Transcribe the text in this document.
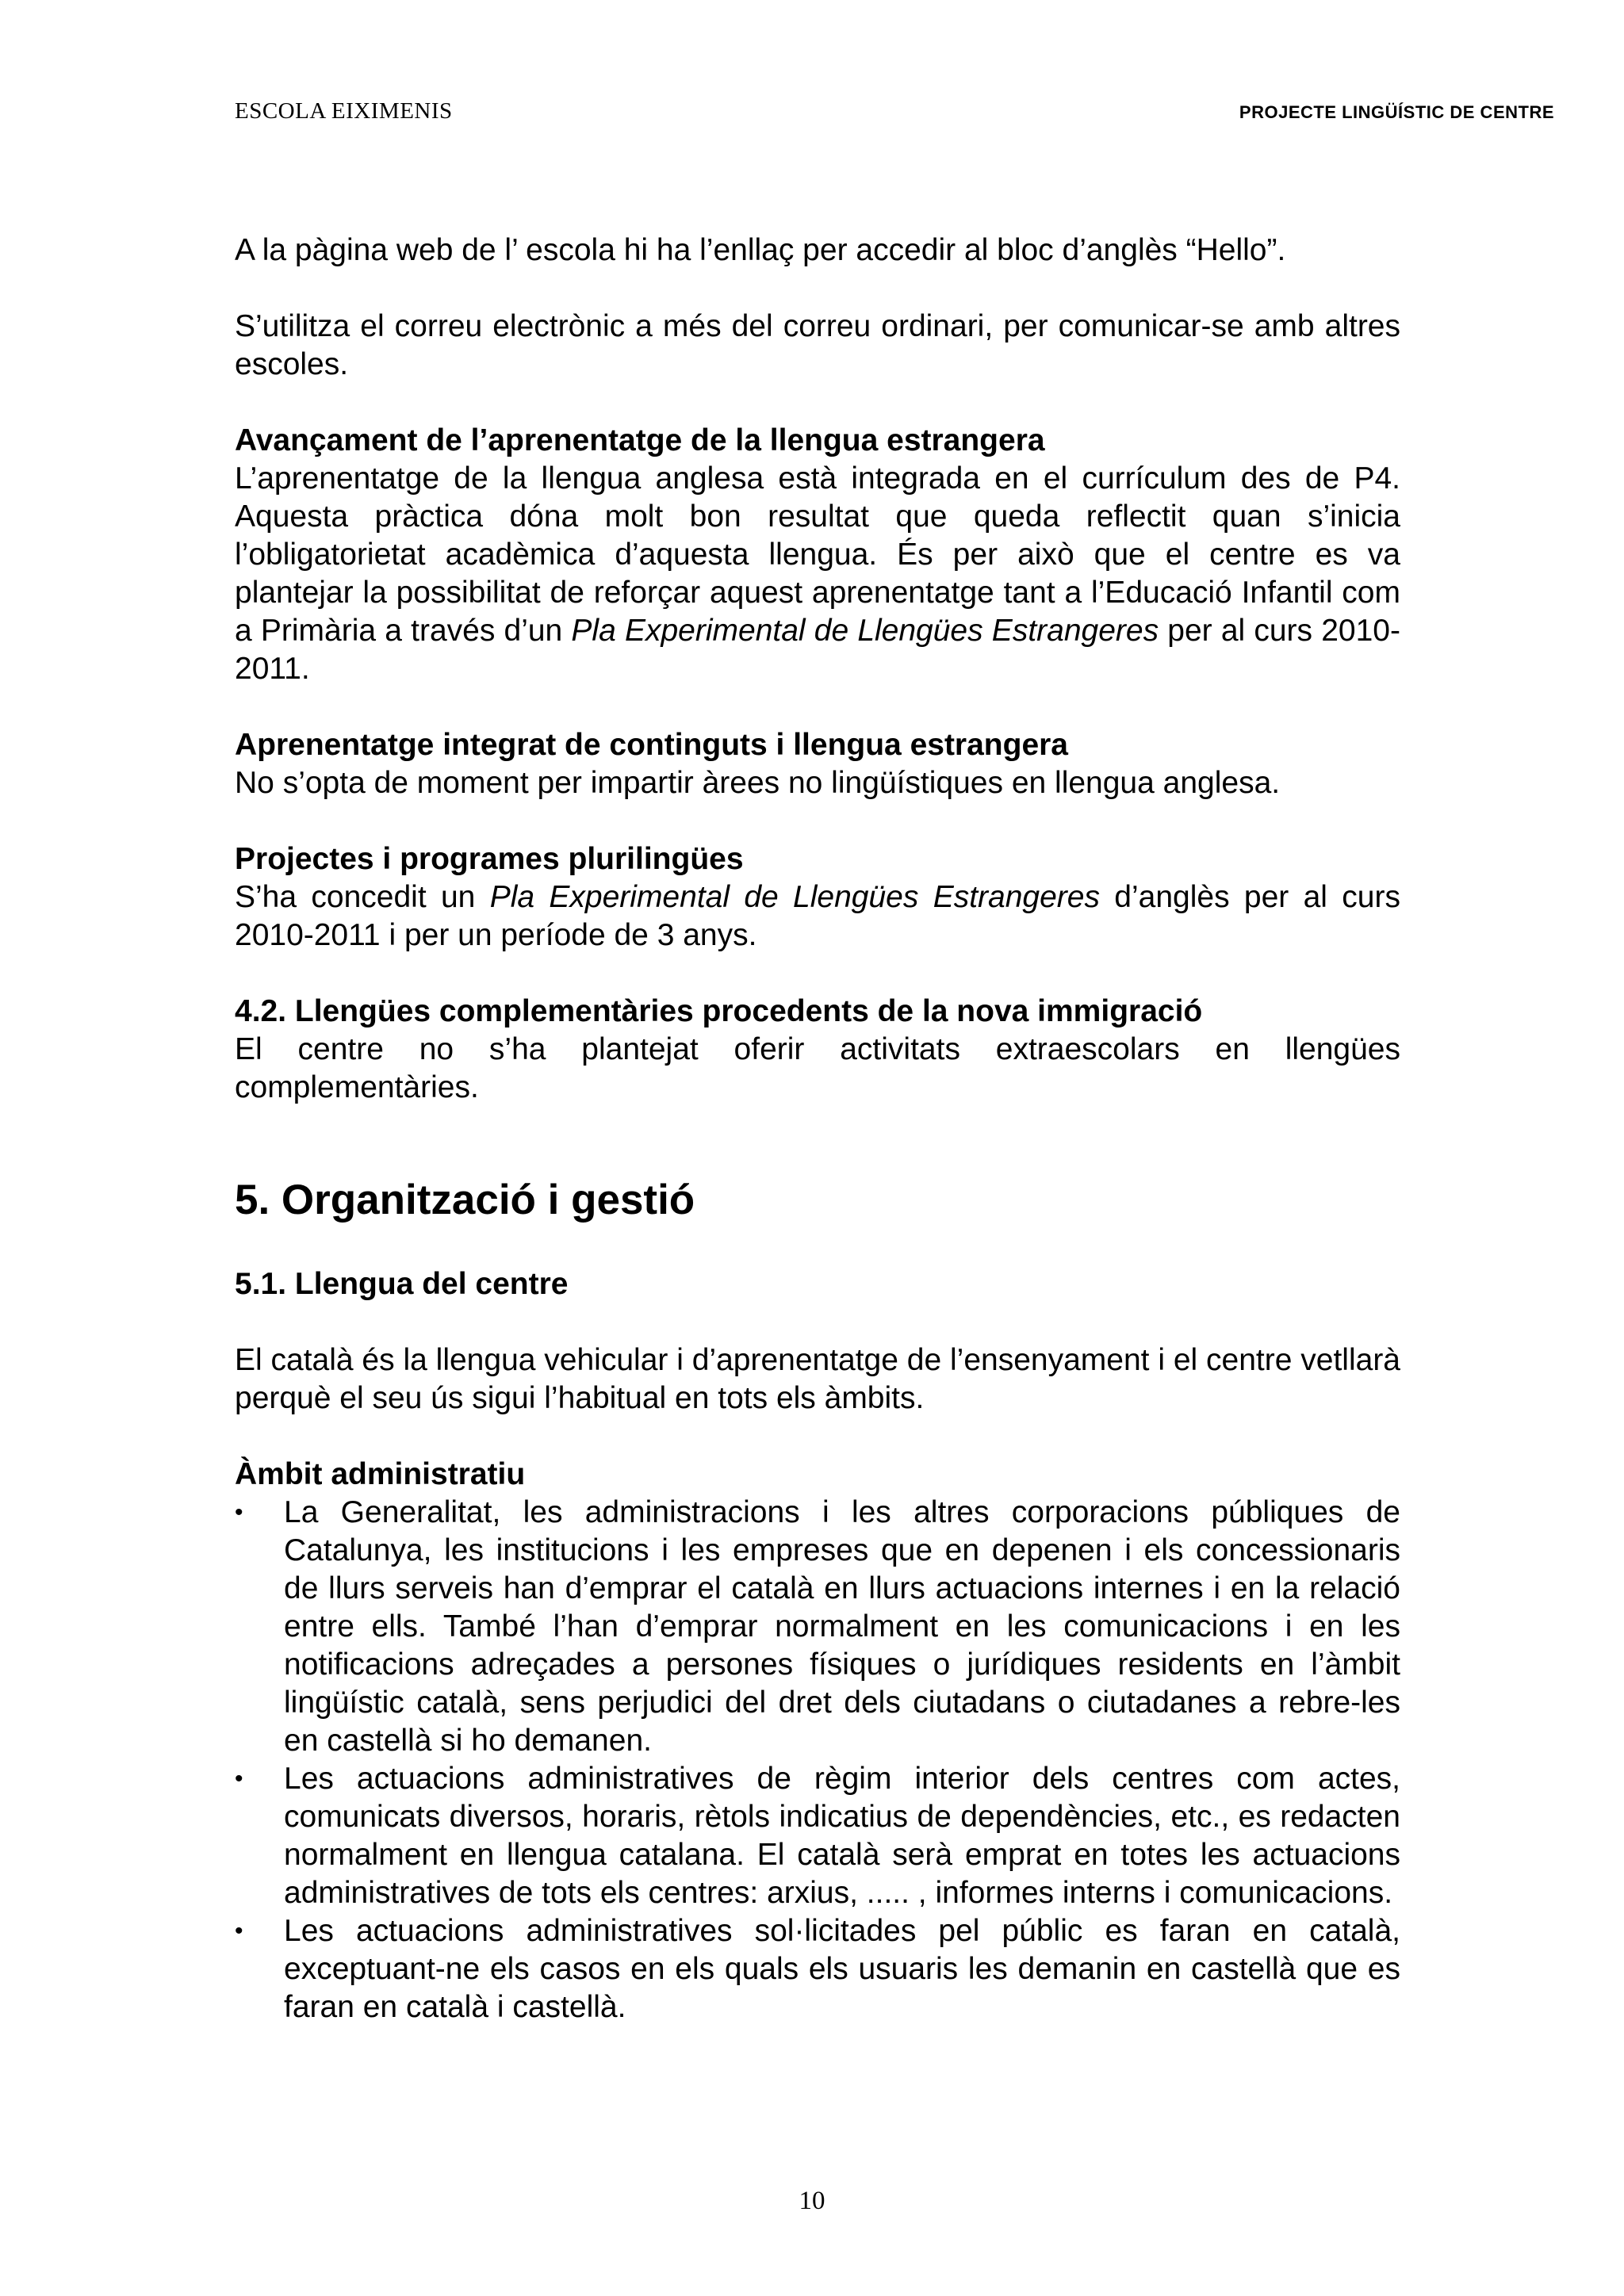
ESCOLA EIXIMENIS	PROJECTE LINGÜÍSTIC DE CENTRE

A la pàgina web de l’ escola hi ha l’enllaç per accedir al bloc d’anglès “Hello”.

S’utilitza el correu electrònic a més del correu ordinari, per comunicar-se amb altres escoles.

Avançament de l’aprenentatge de la llengua estrangera
L’aprenentatge de la llengua anglesa està integrada en el currículum des de P4. Aquesta pràctica dóna molt bon resultat que queda reflectit quan s’inicia l’obligatorietat acadèmica d’aquesta llengua. És per això que el centre es va plantejar la possibilitat de reforçar aquest aprenentatge tant a l’Educació Infantil com a Primària a través d’un Pla Experimental de Llengües Estrangeres per al curs 2010-2011.

Aprenentatge integrat de continguts i llengua estrangera
No s’opta de moment per impartir àrees no lingüístiques en llengua anglesa.

Projectes i programes plurilingües
S’ha concedit un Pla Experimental de Llengües Estrangeres d’anglès per al curs 2010-2011 i per un període de 3 anys.

4.2. Llengües complementàries procedents de la nova immigració
El centre no s’ha plantejat oferir activitats extraescolars en llengües complementàries.

5. Organització i gestió
5.1. Llengua del centre

El català és la llengua vehicular i d’aprenentatge de l’ensenyament i el centre vetllarà perquè el seu ús sigui l’habitual en tots els àmbits.

Àmbit administratiu
• La Generalitat, les administracions i les altres corporacions públiques de Catalunya, les institucions i les empreses que en depenen i els concessionaris de llurs serveis han d’emprar el català en llurs actuacions internes i en la relació entre ells. També l’han d’emprar normalment en les comunicacions i en les notificacions adreçades a persones físiques o jurídiques residents en l’àmbit lingüístic català, sens perjudici del dret dels ciutadans o ciutadanes a rebre-les en castellà si ho demanen.
• Les actuacions administratives de règim interior dels centres com actes, comunicats diversos, horaris, rètols indicatius de dependències, etc., es redacten normalment en llengua catalana. El català serà emprat en totes les actuacions administratives de tots els centres: arxius, ..... , informes interns i comunicacions.
• Les actuacions administratives sol·licitades pel públic es faran en català, exceptuant-ne els casos en els quals els usuaris les demanin en castellà que es faran en català i castellà.
10
